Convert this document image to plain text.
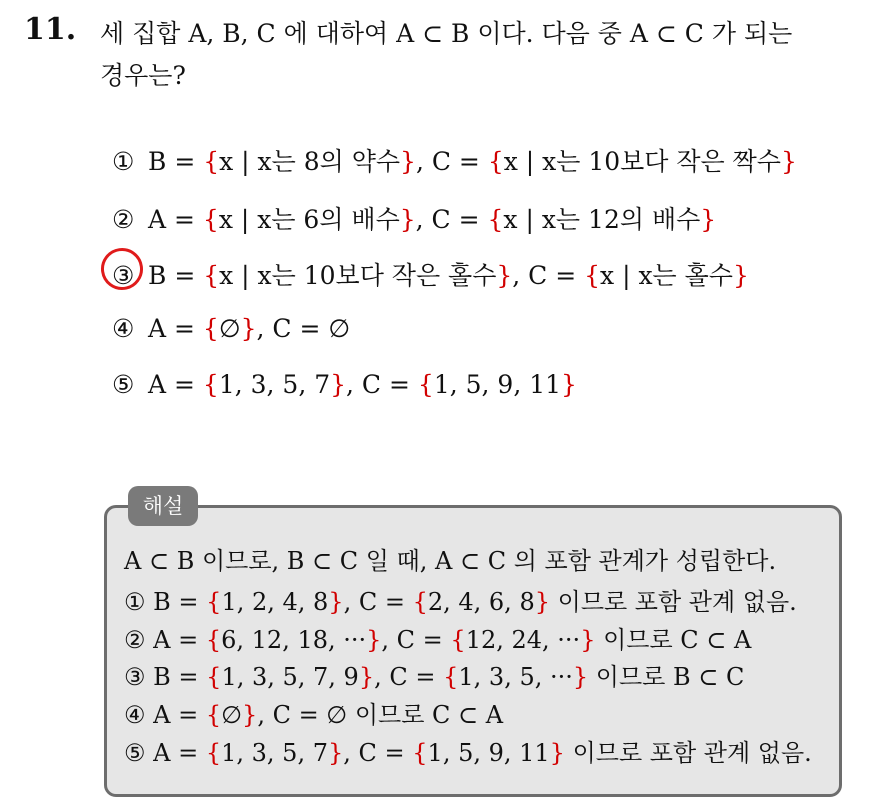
11. 세 집합 A, B, C 에 대하여 A ⊂ B 이다. 다음 중 A ⊂ C 가 되는
경우는?
① B = {x | x는 8의 약수}, C = {x | x는 10보다 작은 짝수}
② A = {x | x는 6의 배수}, C = {x | x는 12의 배수}
③ B = {x | x는 10보다 작은 홀수}, C = {x | x는 홀수}
④ A = {∅}, C = ∅
⑤ A = {1, 3, 5, 7}, C = {1, 5, 9, 11}
해설
A ⊂ B 이므로, B ⊂ C 일 때, A ⊂ C 의 포함 관계가 성립한다.
① B = {1, 2, 4, 8}, C = {2, 4, 6, 8} 이므로 포함 관계 없음.
② A = {6, 12, 18, ···}, C = {12, 24, ···} 이므로 C ⊂ A
③ B = {1, 3, 5, 7, 9}, C = {1, 3, 5, ···} 이므로 B ⊂ C
④ A = {∅}, C = ∅ 이므로 C ⊂ A
⑤ A = {1, 3, 5, 7}, C = {1, 5, 9, 11} 이므로 포함 관계 없음.
